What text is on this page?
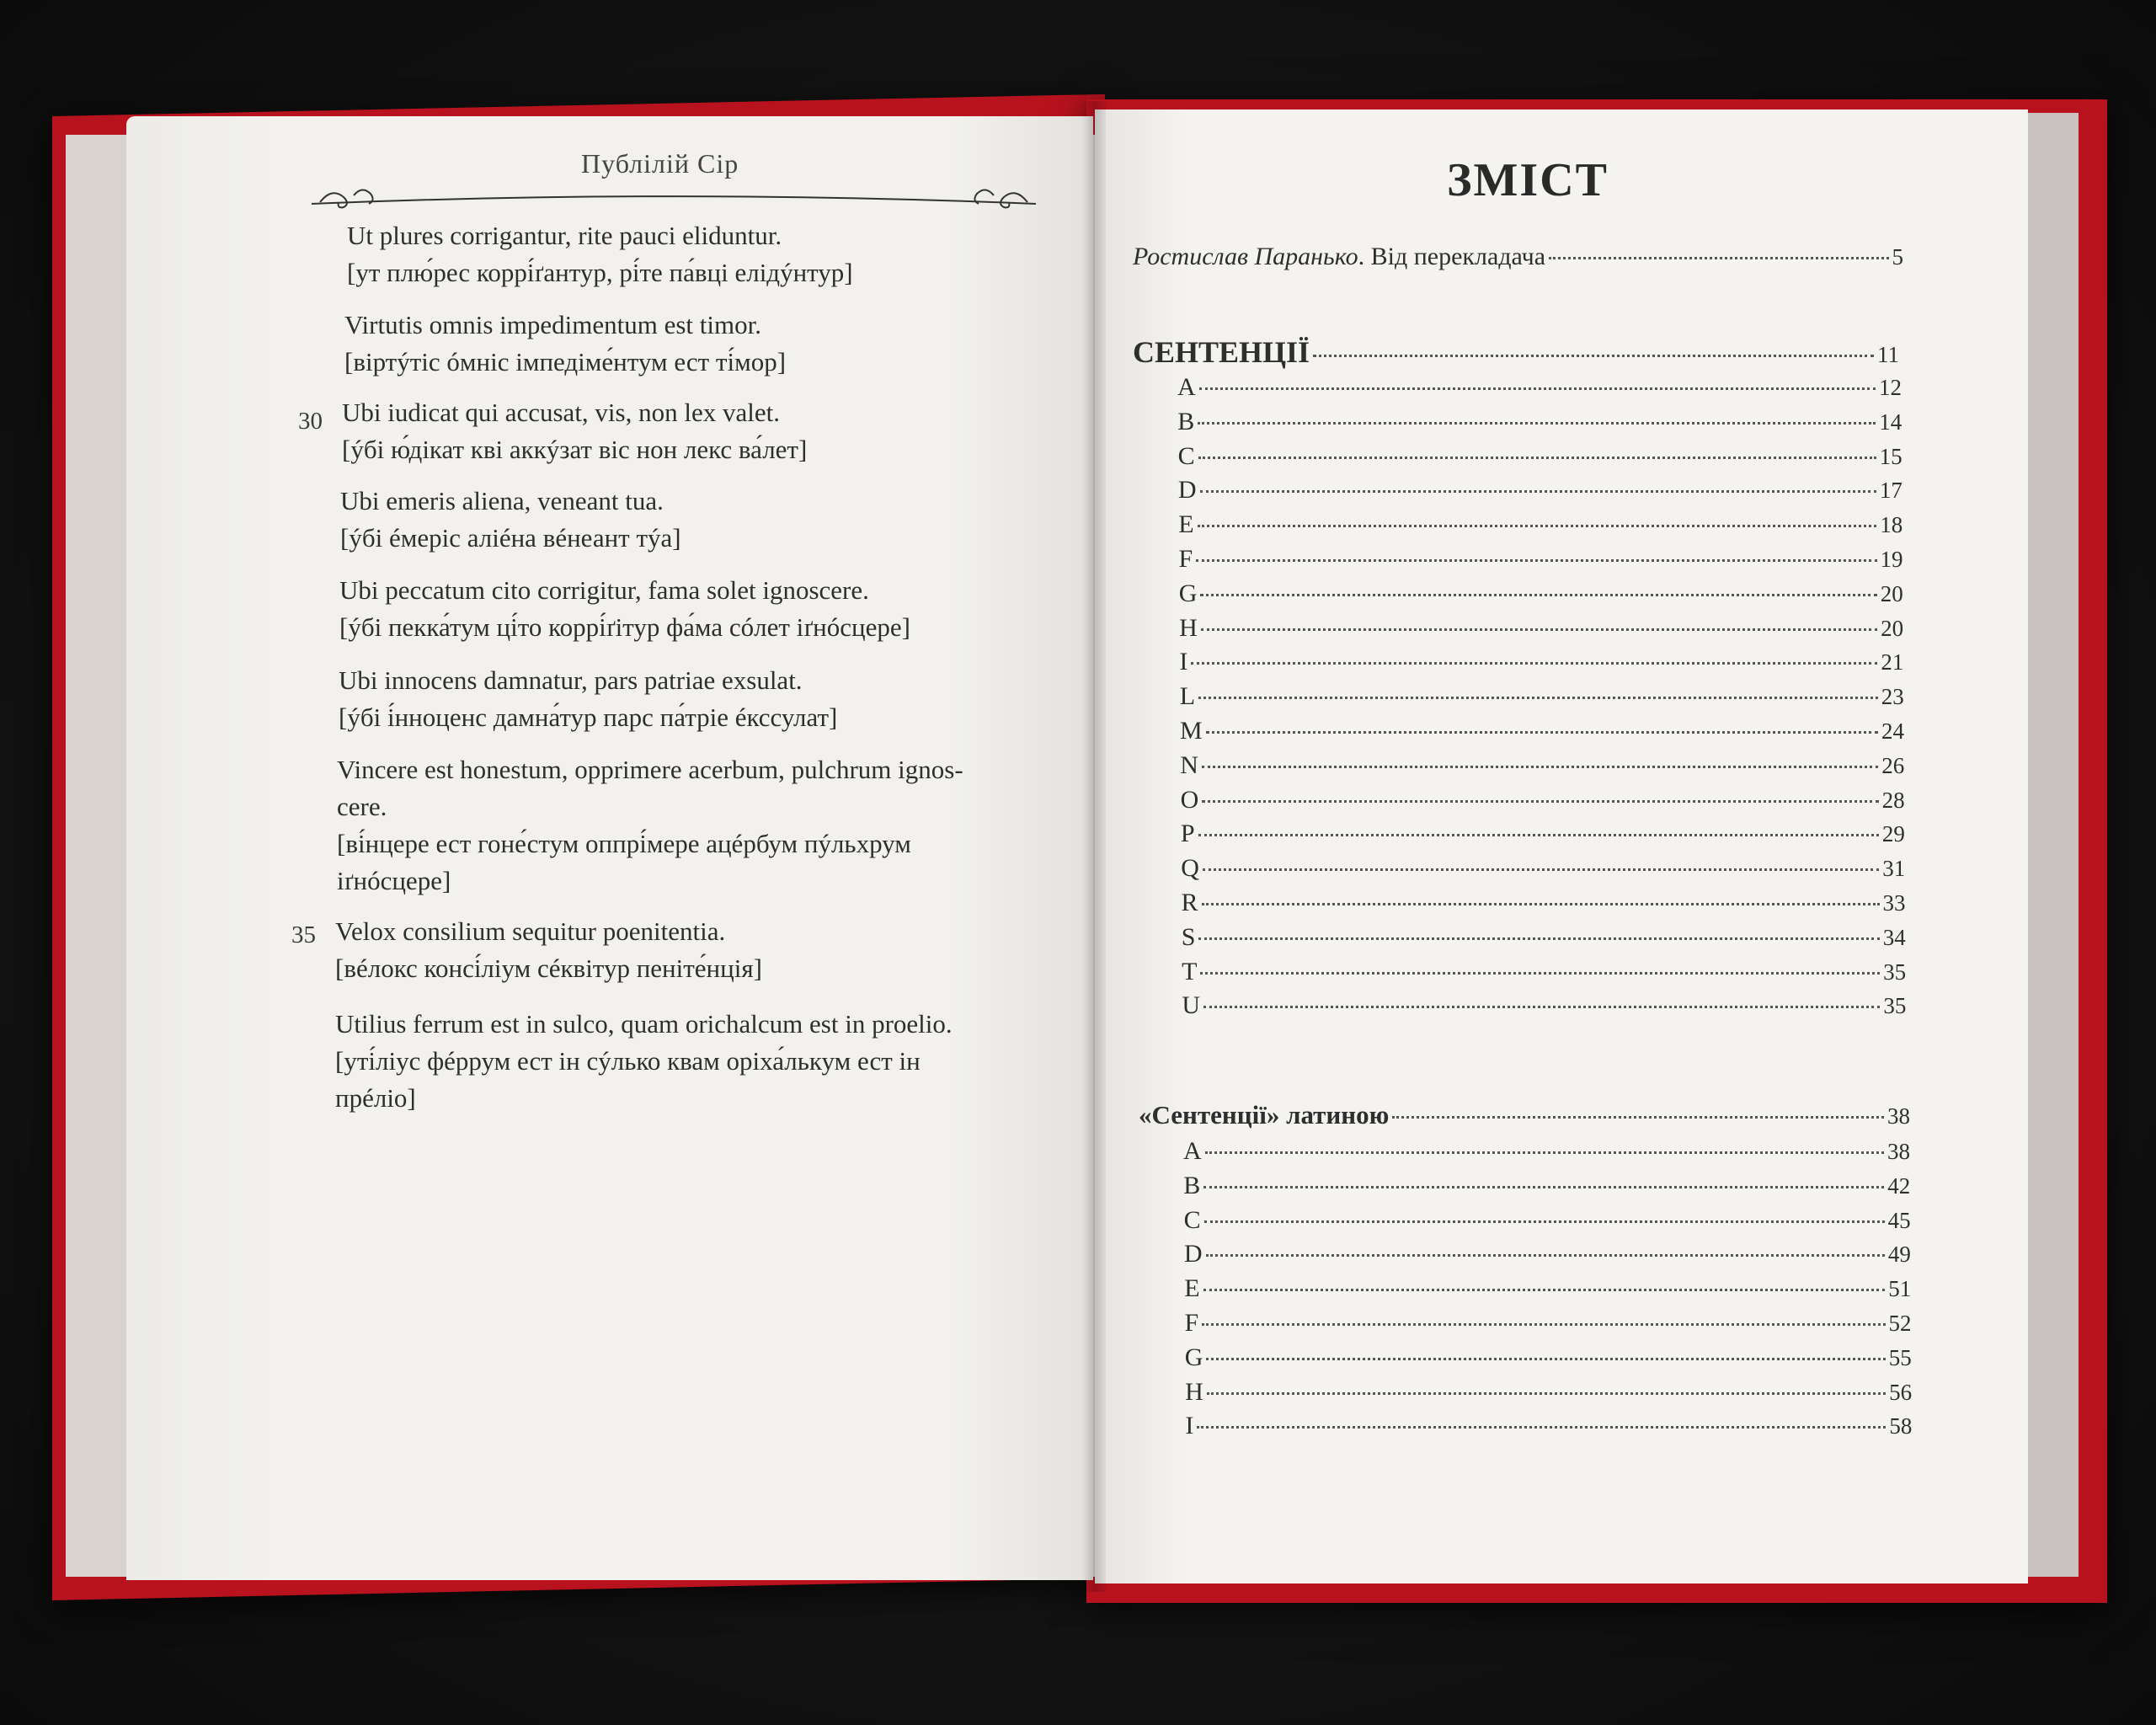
Публілій Сір
Ut plures corrigantur, rite pauci eliduntur.
[ут плю́рес коррі́ґантур, рі́те па́вці елідýнтур]
Virtutis omnis impedimentum est timor.
[віртýтіс óмніс імпедіме́нтум ест ті́мор]
30 Ubi iudicat qui accusat, vis, non lex valet.
[ýбі ю́дікат кві аккýзат віс нон лекс ва́лет]
Ubi emeris aliena, veneant tua.
[ýбі éмеріс аліéна вéнеант тýа]
Ubi peccatum cito corrigitur, fama solet ignoscere.
[ýбі пекка́тум ці́то коррі́ґітур фа́ма сóлет іґнóсцере]
Ubi innocens damnatur, pars patriae exsulat.
[ýбі і́нноценс дамна́тур парс па́тріе éкссулат]
Vincere est honestum, opprimere acerbum, pulchrum ignos-
cere.
[ві́нцере ест гоне́стум оппрі́мере ацéрбум пýльхрум
іґнóсцере]
35 Velox consilium sequitur poenitentia.
[вéлокс консі́ліум сéквітур пеніте́нція]
Utilius ferrum est in sulco, quam orichalcum est in proelio.
[уті́ліус фéррум ест ін сýлько квам оріха́лькум ест ін
прéліо]
ЗМІСТ
Ростислав Паранько. Від перекладача	5
СЕНТЕНЦІЇ	11
A	12
B	14
C	15
D	17
E	18
F	19
G	20
H	20
I	21
L	23
M	24
N	26
O	28
P	29
Q	31
R	33
S	34
T	35
U	35
«Сентенції» латиною	38
A	38
B	42
C	45
D	49
E	51
F	52
G	55
H	56
I	58
